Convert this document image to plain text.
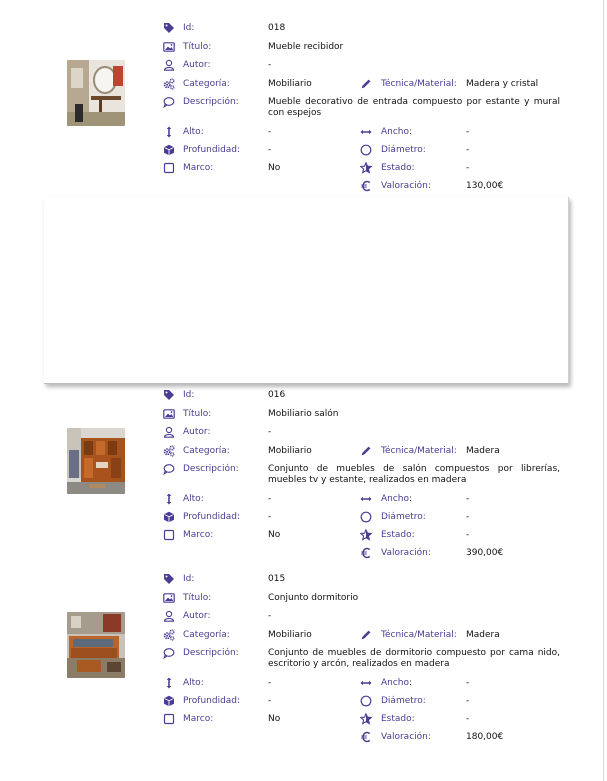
Id:	018
Título:	Mueble recibidor
Autor:	-
Categoría:	Mobiliario	Técnica/Material: Madera y cristal
Descripción:	Mueble decorativo de entrada compuesto por estante y mural con espejos
Alto:	-	Ancho:	-
Profundidad:	-	Diámetro:	-
Marco:	No	Estado:	-
Valoración:	130,00€
Id:	016
Título:	Mobiliario salón
Autor:	-
Categoría:	Mobiliario	Técnica/Material: Madera
Descripción:	Conjunto de muebles de salón compuestos por librerías, muebles tv y estante, realizados en madera
Alto:	-	Ancho:	-
Profundidad:	-	Diámetro:	-
Marco:	No	Estado:	-
Valoración:	390,00€
Id:	015
Título:	Conjunto dormitorio
Autor:	-
Categoría:	Mobiliario	Técnica/Material: Madera
Descripción:	Conjunto de muebles de dormitorio compuesto por cama nido, escritorio y arcón, realizados en madera
Alto:	-	Ancho:	-
Profundidad:	-	Diámetro:	-
Marco:	No	Estado:	-
Valoración:	180,00€
